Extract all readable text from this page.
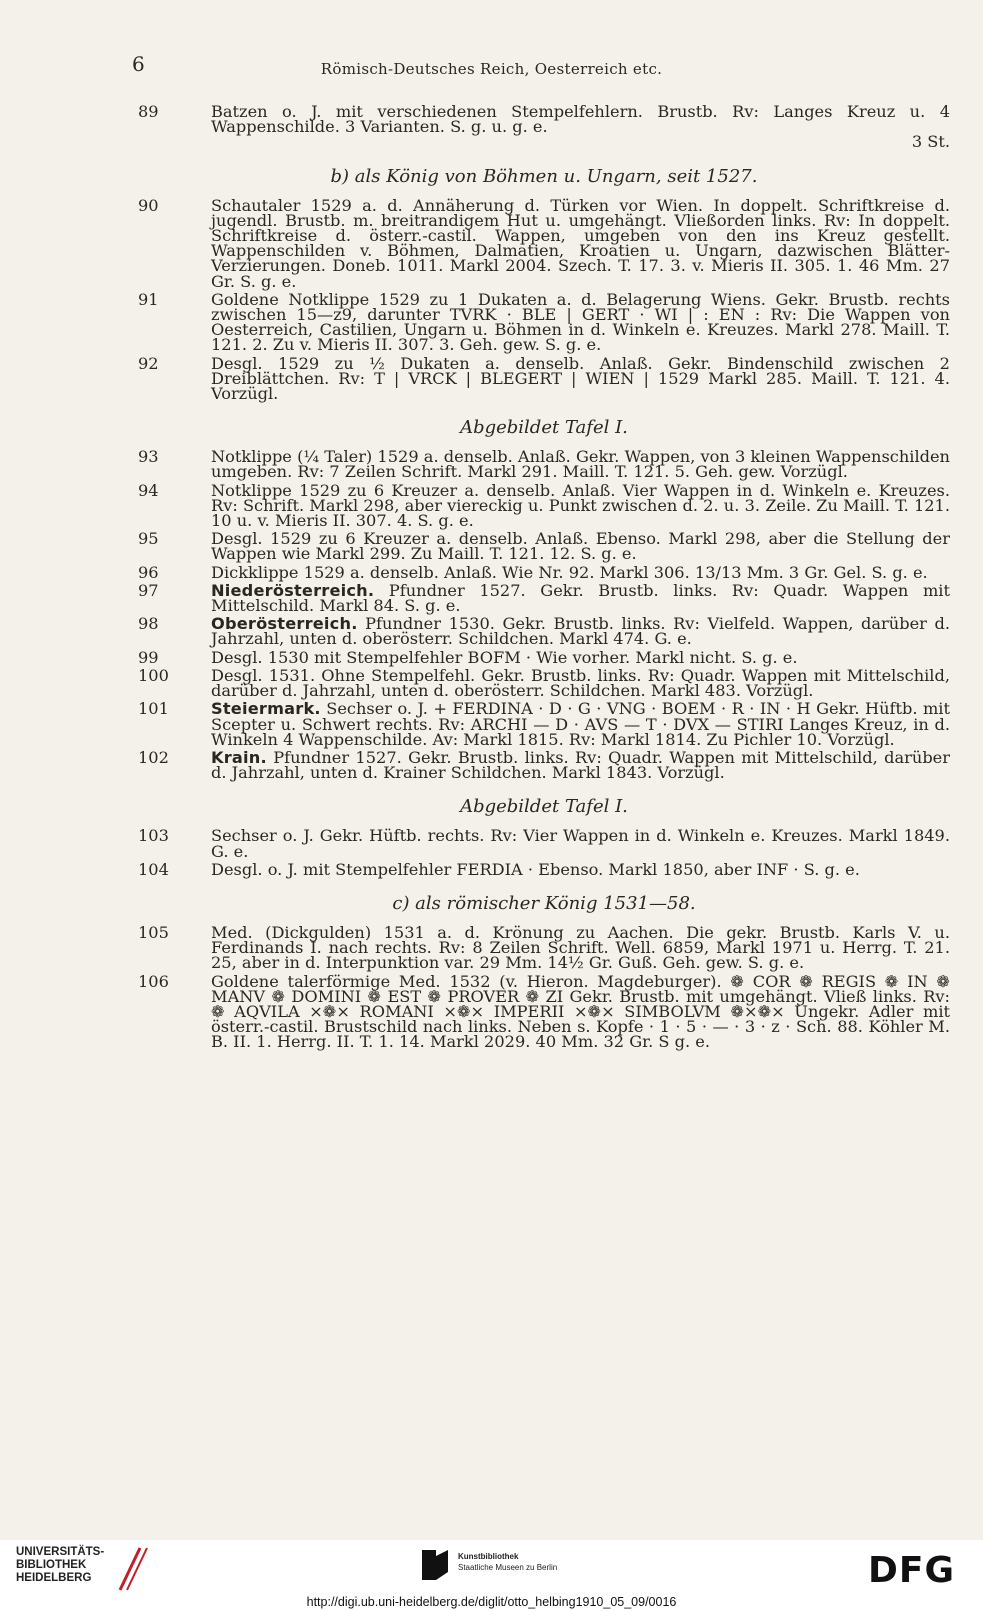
6	Römisch-Deutsches Reich, Oesterreich etc.
89	Batzen o. J. mit verschiedenen Stempelfehlern. Brustb. Rv: Langes Kreuz u. 4 Wappenschilde. 3 Varianten. S. g. u. g. e.
3 St.
b) als König von Böhmen u. Ungarn, seit 1527.
90	Schautaler 1529 a. d. Annäherung d. Türken vor Wien. In doppelt. Schriftkreise d. jugendl. Brustb. m. breitrandigem Hut u. umgehängt. Vließorden links. Rv: In doppelt. Schriftkreise d. österr.-castil. Wappen, umgeben von den ins Kreuz gestellt. Wappenschilden v. Böhmen, Dalmatien, Kroatien u. Ungarn, dazwischen Blätter-Verzierungen. Doneb. 1011. Markl 2004. Szech. T. 17. 3. v. Mieris II. 305. 1. 46 Mm. 27 Gr. S. g. e.
91	Goldene Notklippe 1529 zu 1 Dukaten a. d. Belagerung Wiens. Gekr. Brustb. rechts zwischen 15—z9, darunter TVRK · BLE | GERT · WI | : EN : Rv: Die Wappen von Oesterreich, Castilien, Ungarn u. Böhmen in d. Winkeln e. Kreuzes. Markl 278. Maill. T. 121. 2. Zu v. Mieris II. 307. 3. Geh. gew. S. g. e.
92	Desgl. 1529 zu ½ Dukaten a. denselb. Anlaß. Gekr. Bindenschild zwischen 2 Dreiblättchen. Rv: T | VRCK | BLEGERT | WIEN | 1529 Markl 285. Maill. T. 121. 4. Vorzügl.
Abgebildet Tafel I.
93	Notklippe (¼ Taler) 1529 a. denselb. Anlaß. Gekr. Wappen, von 3 kleinen Wappenschilden umgeben. Rv: 7 Zeilen Schrift. Markl 291. Maill. T. 121. 5. Geh. gew. Vorzügl.
94	Notklippe 1529 zu 6 Kreuzer a. denselb. Anlaß. Vier Wappen in d. Winkeln e. Kreuzes. Rv: Schrift. Markl 298, aber viereckig u. Punkt zwischen d. 2. u. 3. Zeile. Zu Maill. T. 121. 10 u. v. Mieris II. 307. 4. S. g. e.
95	Desgl. 1529 zu 6 Kreuzer a. denselb. Anlaß. Ebenso. Markl 298, aber die Stellung der Wappen wie Markl 299. Zu Maill. T. 121. 12. S. g. e.
96	Dickklippe 1529 a. denselb. Anlaß. Wie Nr. 92. Markl 306. 13/13 Mm. 3 Gr. Gel. S. g. e.
97	Niederösterreich. Pfundner 1527. Gekr. Brustb. links. Rv: Quadr. Wappen mit Mittelschild. Markl 84. S. g. e.
98	Oberösterreich. Pfundner 1530. Gekr. Brustb. links. Rv: Vielfeld. Wappen, darüber d. Jahrzahl, unten d. oberösterr. Schildchen. Markl 474. G. e.
99	Desgl. 1530 mit Stempelfehler BOFM · Wie vorher. Markl nicht. S. g. e.
100	Desgl. 1531. Ohne Stempelfehl. Gekr. Brustb. links. Rv: Quadr. Wappen mit Mittelschild, darüber d. Jahrzahl, unten d. oberösterr. Schildchen. Markl 483. Vorzügl.
101	Steiermark. Sechser o. J. + FERDINA · D · G · VNG · BOEM · R · IN · H Gekr. Hüftb. mit Scepter u. Schwert rechts. Rv: ARCHI — D · AVS — T · DVX — STIRI Langes Kreuz, in d. Winkeln 4 Wappenschilde. Av: Markl 1815. Rv: Markl 1814. Zu Pichler 10. Vorzügl.
102	Krain. Pfundner 1527. Gekr. Brustb. links. Rv: Quadr. Wappen mit Mittelschild, darüber d. Jahrzahl, unten d. Krainer Schildchen. Markl 1843. Vorzügl.
Abgebildet Tafel I.
103	Sechser o. J. Gekr. Hüftb. rechts. Rv: Vier Wappen in d. Winkeln e. Kreuzes. Markl 1849. G. e.
104	Desgl. o. J. mit Stempelfehler FERDIA · Ebenso. Markl 1850, aber INF · S. g. e.
c) als römischer König 1531—58.
105	Med. (Dickgulden) 1531 a. d. Krönung zu Aachen. Die gekr. Brustb. Karls V. u. Ferdinands I. nach rechts. Rv: 8 Zeilen Schrift. Well. 6859, Markl 1971 u. Herrg. T. 21. 25, aber in d. Interpunktion var. 29 Mm. 14½ Gr. Guß. Geh. gew. S. g. e.
106	Goldene talerförmige Med. 1532 (v. Hieron. Magdeburger). ❁ COR ❁ REGIS ❁ IN ❁ MANV ❁ DOMINI ❁ EST ❁ PROVER ❁ ZI Gekr. Brustb. mit umgehängt. Vließ links. Rv: ❁ AQVILA ×❁× ROMANI ×❁× IMPERII ×❁× SIMBOLVM ❁×❁× Ungekr. Adler mit österr.-castil. Brustschild nach links. Neben s. Kopfe · 1 · 5 · — · 3 · z · Sch. 88. Köhler M. B. II. 1. Herrg. II. T. 1. 14. Markl 2029. 40 Mm. 32 Gr. S g. e.
UNIVERSITÄTS-
BIBLIOTHEK
HEIDELBERG
Kunstbibliothek
Staatliche Museen zu Berlin	DFG
http://digi.ub.uni-heidelberg.de/diglit/otto_helbing1910_05_09/0016
